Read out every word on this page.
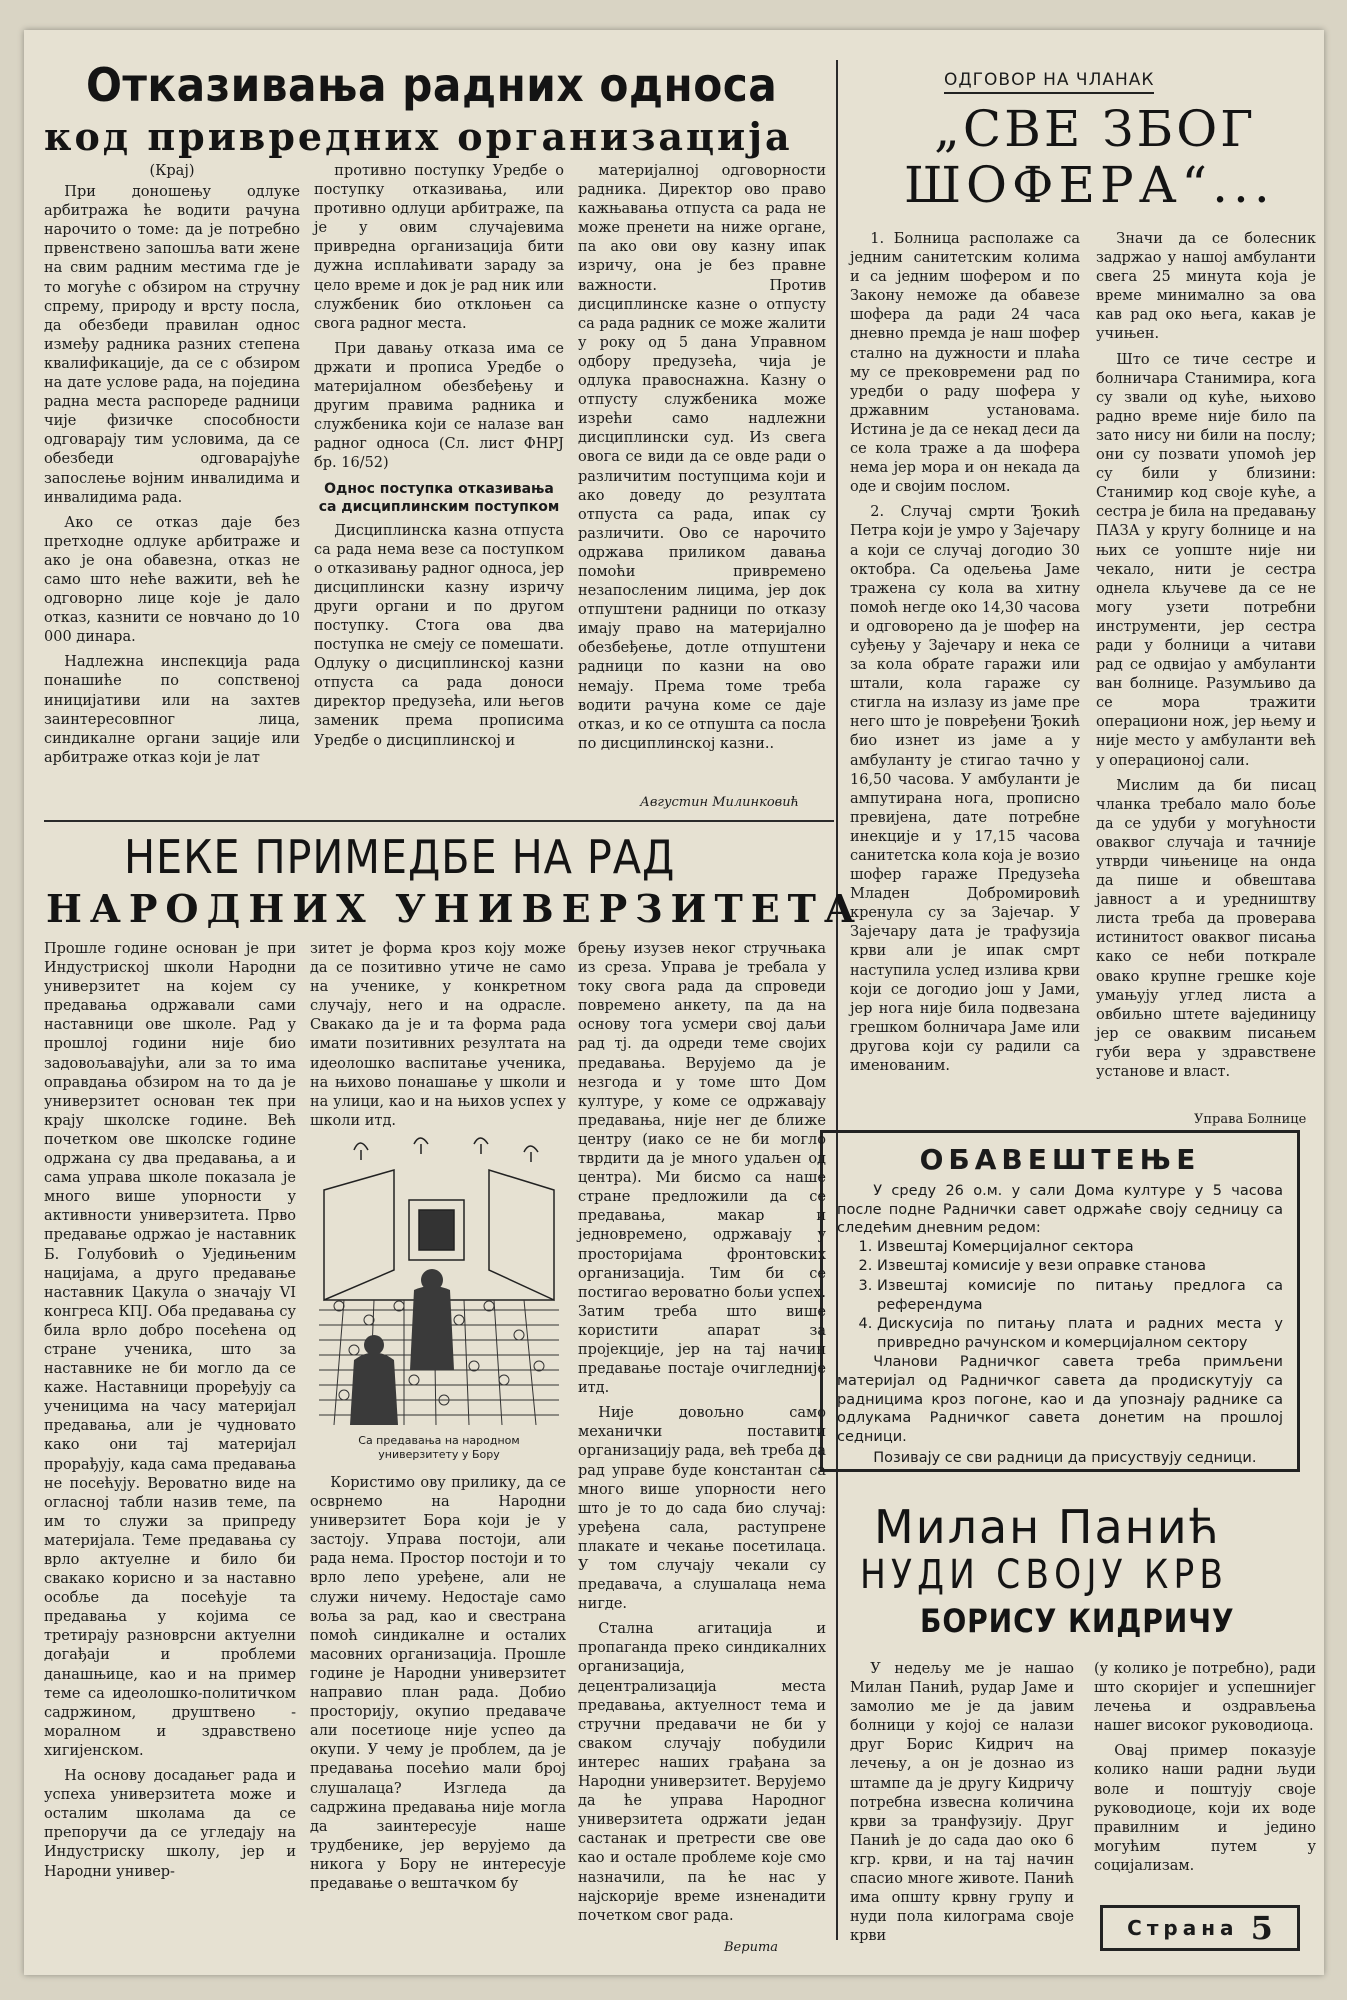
Отказивања радних односа
код привредних организација
(Крај)

При доношењу одлуке арбитража ће водити рачуна нарочито о томе: да је потребно првенствено запошља вати жене на свим радним местима где је то могуће с обзиром на стручну спрему, природу и врсту посла, да обезбеди правилан однос између радника разних степена квалификације, да се с обзиром на дате услове рада, на појединa радна места распореде радници чије физичке способности одговарају тим условима, да се обезбеди одговарајуће запослење војним инвалидима и инвалидима рада.

Ако се отказ даје без претходне одлуке арбитраже и ако је она обавезна, отказ не само што неће важити, већ ће одговорно лице које је дало отказ, казнити се новчано до 10 000 динара.

Надлежна инспекција рада понашиће по сопственој иницијативи или на захтев заинтересовпног лица, синдикалне органи зације или арбитраже отказ који је лат

противно поступку Уредбе о поступку отказивања, или противно одлуци арбитраже, па је у овим случајевима привредна организација бити дужна исплаћивати зараду за цело време и док је рад ник или службеник био отклоњен са свога радног места.

При давању отказа има се држати и прописа Уредбе о материјалном обезбеђењу и другим правима радника и службеника који се налазе ван радног односа (Сл. лист ФНРЈ бр. 16/52)

Однос поступка отказивања са дисциплинским поступком

Дисциплинска казна отпуста са рада нема везе са поступком о отказивању радног односа, јер дисциплински казну изричу други органи и по другом поступку. Стога ова два поступка не смеју се помешати. Одлуку о дисциплинској казни отпуста са рада доноси директор предузећа, или његов заменик према прописима Уредбе о дисциплинској и

материјалној одговорности радника. Директор ово право кажњавања отпуста са рада не може пренети на ниже органе, па ако ови ову казну ипак изричу, она је без правне важности. Против дисциплинске казне о отпусту са рада радник се може жалити у року од 5 дана Управном одбору предузећа, чија је одлука правоснажна. Казну о отпусту службеника може изрећи само надлежни дисциплински суд. Из свега овога се види да се овде ради о различитим поступцима који и ако доведу до резултата отпуста са рада, ипак су различити. Ово се нарочито одржава приликом давања помоћи привремено незапосленим лицима, јер док отпуштени радници по отказу имају право на материјално обезбеђење, дотле отпуштени радници по казни на ово немају. Према томе треба водити рачуна коме се даје отказ, и ко се отпушта са посла по дисциплинској казни..

Августин Милинковић
ОДГОВОР НА ЧЛАНАК
„СВЕ ЗБОГ
ШОФЕРА“...

1. Болница располаже са једним санитетским колима и са једним шофером и по Закону неможе да обавезе шофера да ради 24 часа дневно премда је наш шофер стално на дужности и плаћа му се прековремени рад по уредби о раду шофера у државним установама. Истина је да се некад деси да се кола тражe а да шофера нема јер мора и он некада да оде и својим послом.

2. Случај смрти Ђокић Петра који је умро у Зајечару а који се случај догодио 30 октобра. Са одељења Јаме тражена су кола ва хитну помоћ негде око 14,30 часова и одговорено да је шофер на суђењу у Зајечару и нека се за кола обрате гаражи или штали, кола гараже су стигла на излазу из јаме пре него што је повређени Ђокић био изнет из јаме а у амбуланту је стигао тачно у 16,50 часова. У амбуланти је ампутирана нога, прописно превијена, дате потребне инекције и у 17,15 часова санитетска кола која је возио шофер гараже Предузећа Младен Добромировић кренула су за Зајечар. У Зајечару дата је трафузија крви али је ипак смрт наступила услед излива крви који се догодио још у Јами, јер нога није била подвезана грешком болничара Јаме или другова који су радили са именованим.

Значи да се болесник задржао у нашој амбуланти свега 25 минута која је време минимално за ова кав рад око њега, какав је учињен.

Што се тиче сестре и болничара Станимира, кога су звали од куће, њихово радно време није било па зато нису ни били на послу; они су позвати упомоћ јер су били у близини: Станимир код своје куће, а сестра је била на предавању ПАЗА у кругу болнице и на њих се уопште није ни чекало, нити је сестра однела кључеве да се не могу узети потребни инструменти, јер сестра ради у болници а читави рад се одвијао у амбуланти ван болнице. Разумљиво да се мора тражити операциони нож, јер њему и није место у амбуланти већ у операционој сали.

Мислим да би писац чланка требало мало боље да се удуби у могућности оваквог случаја и тачније утврди чињенице на онда да пише и обвештава јавност а и уредништву листа треба да проверава истинитост оваквог писања како се неби поткрале овако крупне грешке које умањују углед листа а овбиљно штете вајединицу јер се оваквим писањeм губи вера у здравствене установе и власт.

Управа Болнице
ОБАВЕШТЕЊЕ
У среду 26 о.м. у сали Дома културе у 5 часова после подне Раднички савет одржаће своју седницу са следећим дневним редом:
1. Извештај Комерцијалног сектора
2. Извештај комисије у вези оправке станова
3. Извештај комисије по питању предлога са референдума
4. Дискусија по питању плата и радних места у привредно рачунском и комерцијалном сектору
Чланови Радничког савета треба примљени материјал од Радничког савета да продискутују са радницима кроз погоне, као и да упознају раднике са одлукама Радничког савета донетим на прошлој седници.
Позивају се сви радници да присуствују седници.
НЕКЕ ПРИМЕДБЕ НА РАД
НАРОДНИХ УНИВЕРЗИТЕТА

Прошле године основан је при Индустриској школи Народни универзитет на којем су предавања одржавали сами наставници ове школе. Рад у прошлој години није био задовољавајући, али за то има оправдања обзиром на то да је универзитет основан тек при крају школске године. Већ почетком ове школске године одржана су два предавања, а и сама управа школе показала је много више упорности у активности универзитета. Прво предавање одржао је наставник Б. Голубовић о Уједињеним нацијама, а друго предавање наставник Цакула о значају VI конгреса КПЈ. Оба предавања су била врло добро посећена од стране ученика, што за наставнике не би могло да се каже. Наставници проређују са ученицима на часу материјал предавања, али је чудновато како они тај материјал прорађују, када сама предавања не посећују. Вероватно виде на огласној табли назив теме, па им то служи за припреду материјала. Теме предавања су врло актуелне и било би свакако корисно и за наставно особље да посећује та предавања у којима се третирају разноврсни актуелни догађаји и проблеми данашњице, као и на пример теме са идеолошко-политичком садржином, друштвено - моралном и здравственo хигијенском.

На основу досадањег рада и успеха универзитета може и осталим школама да се препоручи да се угледају на Индустриску школу, јер и Народни универ-

зитет је форма кроз коју може да се позитивно утиче не само на ученике, у конкретном случају, него и на одрасле. Свакако да је и та форма рада имати позитивних резултата на идеолошко васпитање ученика, на њихово понашање у школи и на улици, као и на њихов успех у школи итд.

Са предавања на народном универзитету у Бору

Користимо ову прилику, да се осврнемо на Народни универзитет Бора који је у застоју. Управа постоји, али рада нема. Простор постоји и то врло лепо уређене, али не служи ничему. Недостаје само воља за рад, као и свестрана помоћ синдикалне и осталих масовних организација. Прошле године је Народни универзитет направио план рада. Добио просторију, окупио предаваче али посетиоце није успео да окупи. У чему је проблем, да је предавања посећио мали број слушалаца? Изгледа да садржина предавања није могла да заинтересује наше трудбенике, јер верујемо да никога у Бору не интересује предавање о вештачком бу

брењу изузев неког стручњака из среза. Управа је требала у току свога рада да спроведи повремено анкету, па да на основу тога усмери свој даљи рад тј. да одреди теме својих предавања. Верујемо да је незгода и у томе што Дом културе, у коме се одржавају предавања, није нег де ближе центру (иако се не би могло тврдити да је много удаљен од центра). Ми бисмо са наше стране предложили да се предавања, макар и једновремено, одржавају у просторијама фронтовских организација. Тим би се постигао вероватно бољи успех. Затим треба што више користити апарат за пројекције, јер на тај начин предавање постаје очигледније итд.

Није довољно само механички поставити организацију рада, већ треба да рад управе буде константан са много више упорности него што је то до сада био случај: уређена сала, раступрене плакате и чекање посетилаца. У том случају чекали су предавача, а слушалаца нема нигде.

Стална агитација и пропаганда преко синдикалних организација, децентрализација места предавања, актуелност тема и стручни предавачи не би у сваком случају побудили интерес наших грађана за Народни универзитет. Верујемо да ће управа Народног универзитета одржати један састанак и претрести све ове као и остале проблеме које смо назначили, па ће нас у најскорије време изненадити почетком свог рада.

Верита
Милан Панић
НУДИ СВОЈУ КРВ
БОРИСУ КИДРИЧУ

У недељу ме је нашао Милан Панић, рудар Јаме и замолио ме је да јавим болници у којој се налази друг Борис Кидрич на лечењу, а он је дознао из штампе да је другу Кидричу потребна извесна количина крви за транфузију. Друг Панић је до сада дао око 6 кгр. крви, и на тај начин спасио многе животе. Панић има општу крвну групу и нуди пола килограма своје крви

(у колико је потребно), ради што скоријег и успешнијег лечења и оздрављења нашег високог руководиоца.

Овај пример показује колико наши радни људи воле и поштују своје руководиоце, који их воде правилним и једино могућим путем у социјализам.

Страна 5
